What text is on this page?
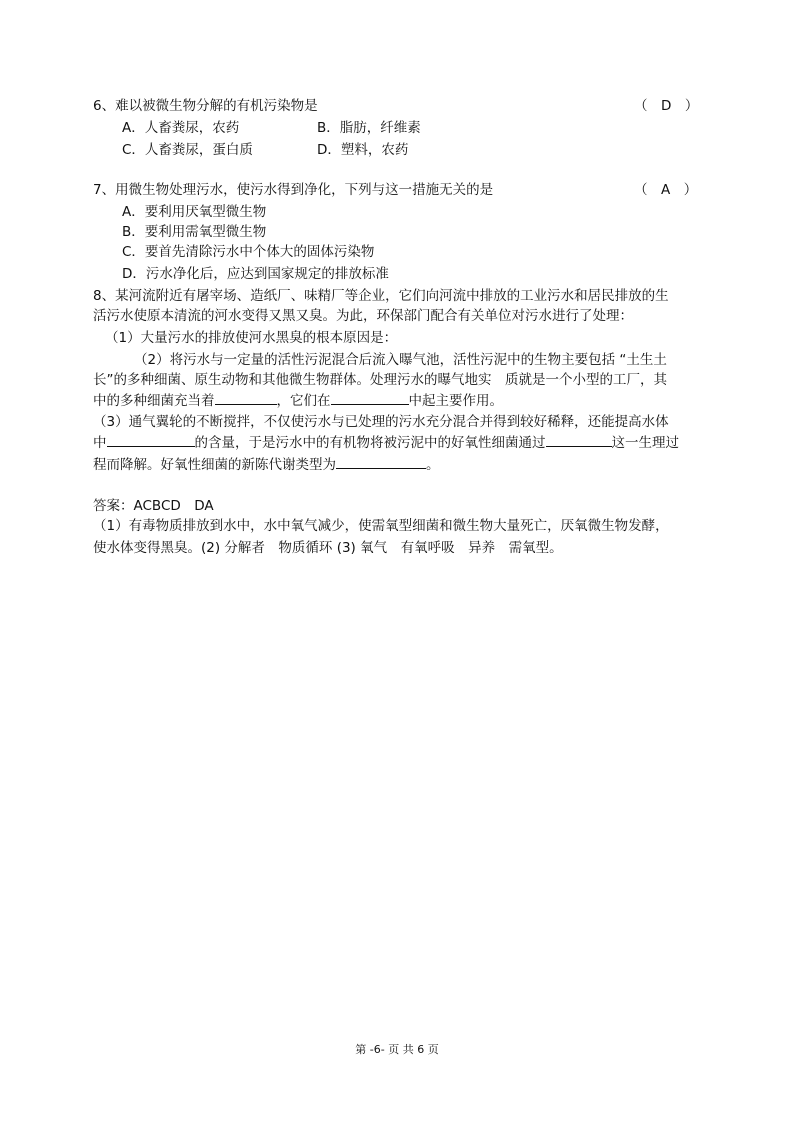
6、难以被微生物分解的有机污染物是	（　D　）
A．人畜粪尿，农药	B．脂肪，纤维素
C．人畜粪尿，蛋白质	D．塑料，农药
7、用微生物处理污水，使污水得到净化，下列与这一措施无关的是	（　A　）
A．要利用厌氧型微生物
B．要利用需氧型微生物
C．要首先清除污水中个体大的固体污染物
D．污水净化后，应达到国家规定的排放标准
8、某河流附近有屠宰场、造纸厂、味精厂等企业，它们向河流中排放的工业污水和居民排放的生
活污水使原本清流的河水变得又黑又臭。为此，环保部门配合有关单位对污水进行了处理：
（1）大量污水的排放使河水黑臭的根本原因是：
（2）将污水与一定量的活性污泥混合后流入曝气池，活性污泥中的生物主要包括 “土生土
长”的多种细菌、原生动物和其他微生物群体。处理污水的曝气地实　质就是一个小型的工厂，其
中的多种细菌充当着	，它们在	中起主要作用。
（3）通气翼轮的不断搅拌，不仅使污水与已处理的污水充分混合并得到较好稀释，还能提高水体
中	的含量，于是污水中的有机物将被污泥中的好氧性细菌通过	这一生理过
程而降解。好氧性细菌的新陈代谢类型为	。
答案：ACBCD　DA
（1）有毒物质排放到水中，水中氧气减少，使需氧型细菌和微生物大量死亡，厌氧微生物发酵，
使水体变得黑臭。(2) 分解者　物质循环 (3) 氧气　有氧呼吸　异养　需氧型。
第 -6- 页 共 6 页
